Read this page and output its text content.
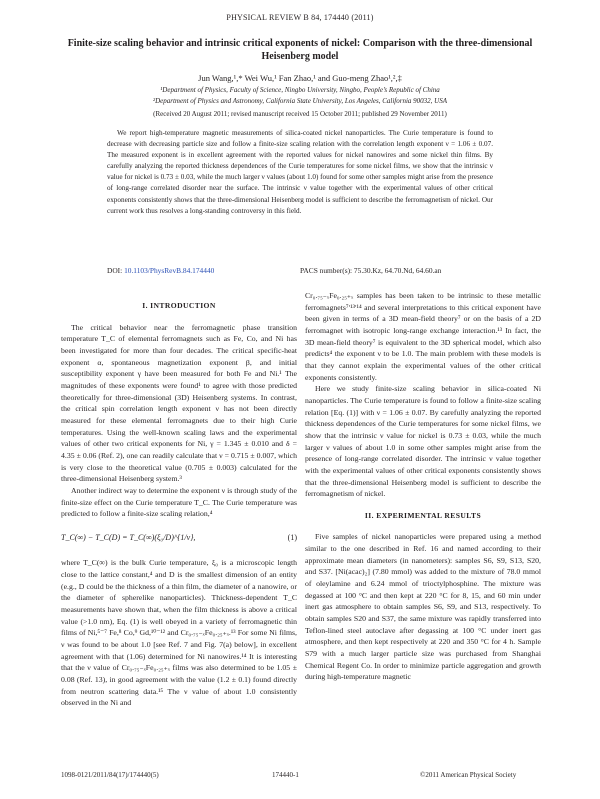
PHYSICAL REVIEW B 84, 174440 (2011)
Finite-size scaling behavior and intrinsic critical exponents of nickel: Comparison with the three-dimensional Heisenberg model
Jun Wang,¹,* Wei Wu,¹ Fan Zhao,¹ and Guo-meng Zhao¹,²,‡
¹Department of Physics, Faculty of Science, Ningbo University, Ningbo, People’s Republic of China
²Department of Physics and Astronomy, California State University, Los Angeles, California 90032, USA
(Received 20 August 2011; revised manuscript received 15 October 2011; published 29 November 2011)

We report high-temperature magnetic measurements of silica-coated nickel nanoparticles. The Curie temperature is found to decrease with decreasing particle size and follow a finite-size scaling relation with the correlation length exponent ν = 1.06 ± 0.07. The measured exponent is in excellent agreement with the reported values for nickel nanowires and some nickel thin films. By carefully analyzing the reported thickness dependences of the Curie temperatures for some nickel films, we show that the intrinsic ν value for nickel is 0.73 ± 0.03, while the much larger ν values (about 1.0) found for some other samples might arise from the presence of long-range correlated disorder near the surface. The intrinsic ν value together with the experimental values of other critical exponents consistently shows that the three-dimensional Heisenberg model is sufficient to describe the ferromagnetism of nickel. Our current work thus resolves a long-standing controversy in this field.

DOI: 10.1103/PhysRevB.84.174440	PACS number(s): 75.30.Kz, 64.70.Nd, 64.60.an
I. INTRODUCTION

The critical behavior near the ferromagnetic phase transition temperature T_C of elemental ferromagnets such as Fe, Co, and Ni has been investigated for more than four decades. The critical specific-heat exponent α, spontaneous magnetization exponent β, and initial susceptibility exponent γ have been measured for both Fe and Ni.¹ The magnitudes of these exponents were found¹ to agree with those predicted theoretically for three-dimensional (3D) Heisenberg systems. In contrast, the critical spin correlation length exponent ν has not been directly measured for these elemental ferromagnets due to their high Curie temperatures. Using the well-known scaling laws and the experimental values of other two critical exponents for Ni, γ = 1.345 ± 0.010 and δ = 4.35 ± 0.06 (Ref. 2), one can readily calculate that ν = 0.715 ± 0.007, which is very close to the theoretical value (0.705 ± 0.003) calculated for the three-dimensional Heisenberg system.³

Another indirect way to determine the exponent ν is through study of the finite-size effect on the Curie temperature T_C. The Curie temperature was predicted to follow a finite-size scaling relation,⁴

T_C(∞) − T_C(D) = T_C(∞)(ξ₀/D)^{1/ν},	(1)

where T_C(∞) is the bulk Curie temperature, ξ₀ is a microscopic length close to the lattice constant,⁴ and D is the smallest dimension of an entity (e.g., D could be the thickness of a thin film, the diameter of a nanowire, or the diameter of spherelike nanoparticles). Thickness-dependent T_C measurements have shown that, when the film thickness is above a critical value (>1.0 nm), Eq. (1) is well obeyed in a variety of ferromagnetic thin films of Ni,⁵⁻⁷ Fe,⁸ Co,⁹ Gd,¹⁰⁻¹² and Cr₀.₇₅₋ₓFe₀.₂₅₊ₓ.¹³ For some Ni films, ν was found to be about 1.0 [see Ref. 7 and Fig. 7(a) below], in excellent agreement with that (1.06) determined for Ni nanowires.¹⁴ It is interesting that the ν value of Cr₀.₇₅₋ₓFe₀.₂₅₊ₓ films was also determined to be 1.05 ± 0.08 (Ref. 13), in good agreement with the value (1.2 ± 0.1) found directly from neutron scattering data.¹⁵ The ν value of about 1.0 consistently observed in the Ni and

Cr₀.₇₅₋ₓFe₀.₂₅₊ₓ samples has been taken to be intrinsic to these metallic ferromagnets⁷ʹ¹³ʹ¹⁴ and several interpretations to this critical exponent have been given in terms of a 3D mean-field theory⁷ or on the basis of a 2D ferromagnet with isotropic long-range exchange interaction.¹³ In fact, the 3D mean-field theory⁷ is equivalent to the 3D spherical model, which also predicts⁴ the exponent ν to be 1.0. The main problem with these models is that they cannot explain the experimental values of the other critical exponents consistently.

Here we study finite-size scaling behavior in silica-coated Ni nanoparticles. The Curie temperature is found to follow a finite-size scaling relation [Eq. (1)] with ν = 1.06 ± 0.07. By carefully analyzing the reported thickness dependences of the Curie temperatures for some nickel films, we show that the intrinsic ν value for nickel is 0.73 ± 0.03, while the much larger ν values of about 1.0 in some other samples might arise from the presence of long-range correlated disorder. The intrinsic ν value together with the experimental values of other critical exponents consistently shows that the three-dimensional Heisenberg model is sufficient to describe the ferromagnetism of nickel.

II. EXPERIMENTAL RESULTS

Five samples of nickel nanoparticles were prepared using a method similar to the one described in Ref. 16 and named according to their approximate mean diameters (in nanometers): samples S6, S9, S13, S20, and S37. [Ni(acac)₂] (7.80 mmol) was added to the mixture of 78.0 mmol of oleylamine and 6.24 mmol of trioctylphosphine. The mixture was degassed at 100 °C and then kept at 220 °C for 8, 15, and 60 min under inert gas atmosphere to obtain samples S6, S9, and S13, respectively. To obtain samples S20 and S37, the same mixture was rapidly transferred into Teflon-lined steel autoclave after degassing at 100 °C under inert gas atmosphere, and then kept respectively at 220 and 350 °C for 4 h. Sample S79 with a much larger particle size was purchased from Shanghai Chemical Regent Co. In order to minimize particle aggregation and growth during high-temperature magnetic

1098-0121/2011/84(17)/174440(5)	174440-1	©2011 American Physical Society
